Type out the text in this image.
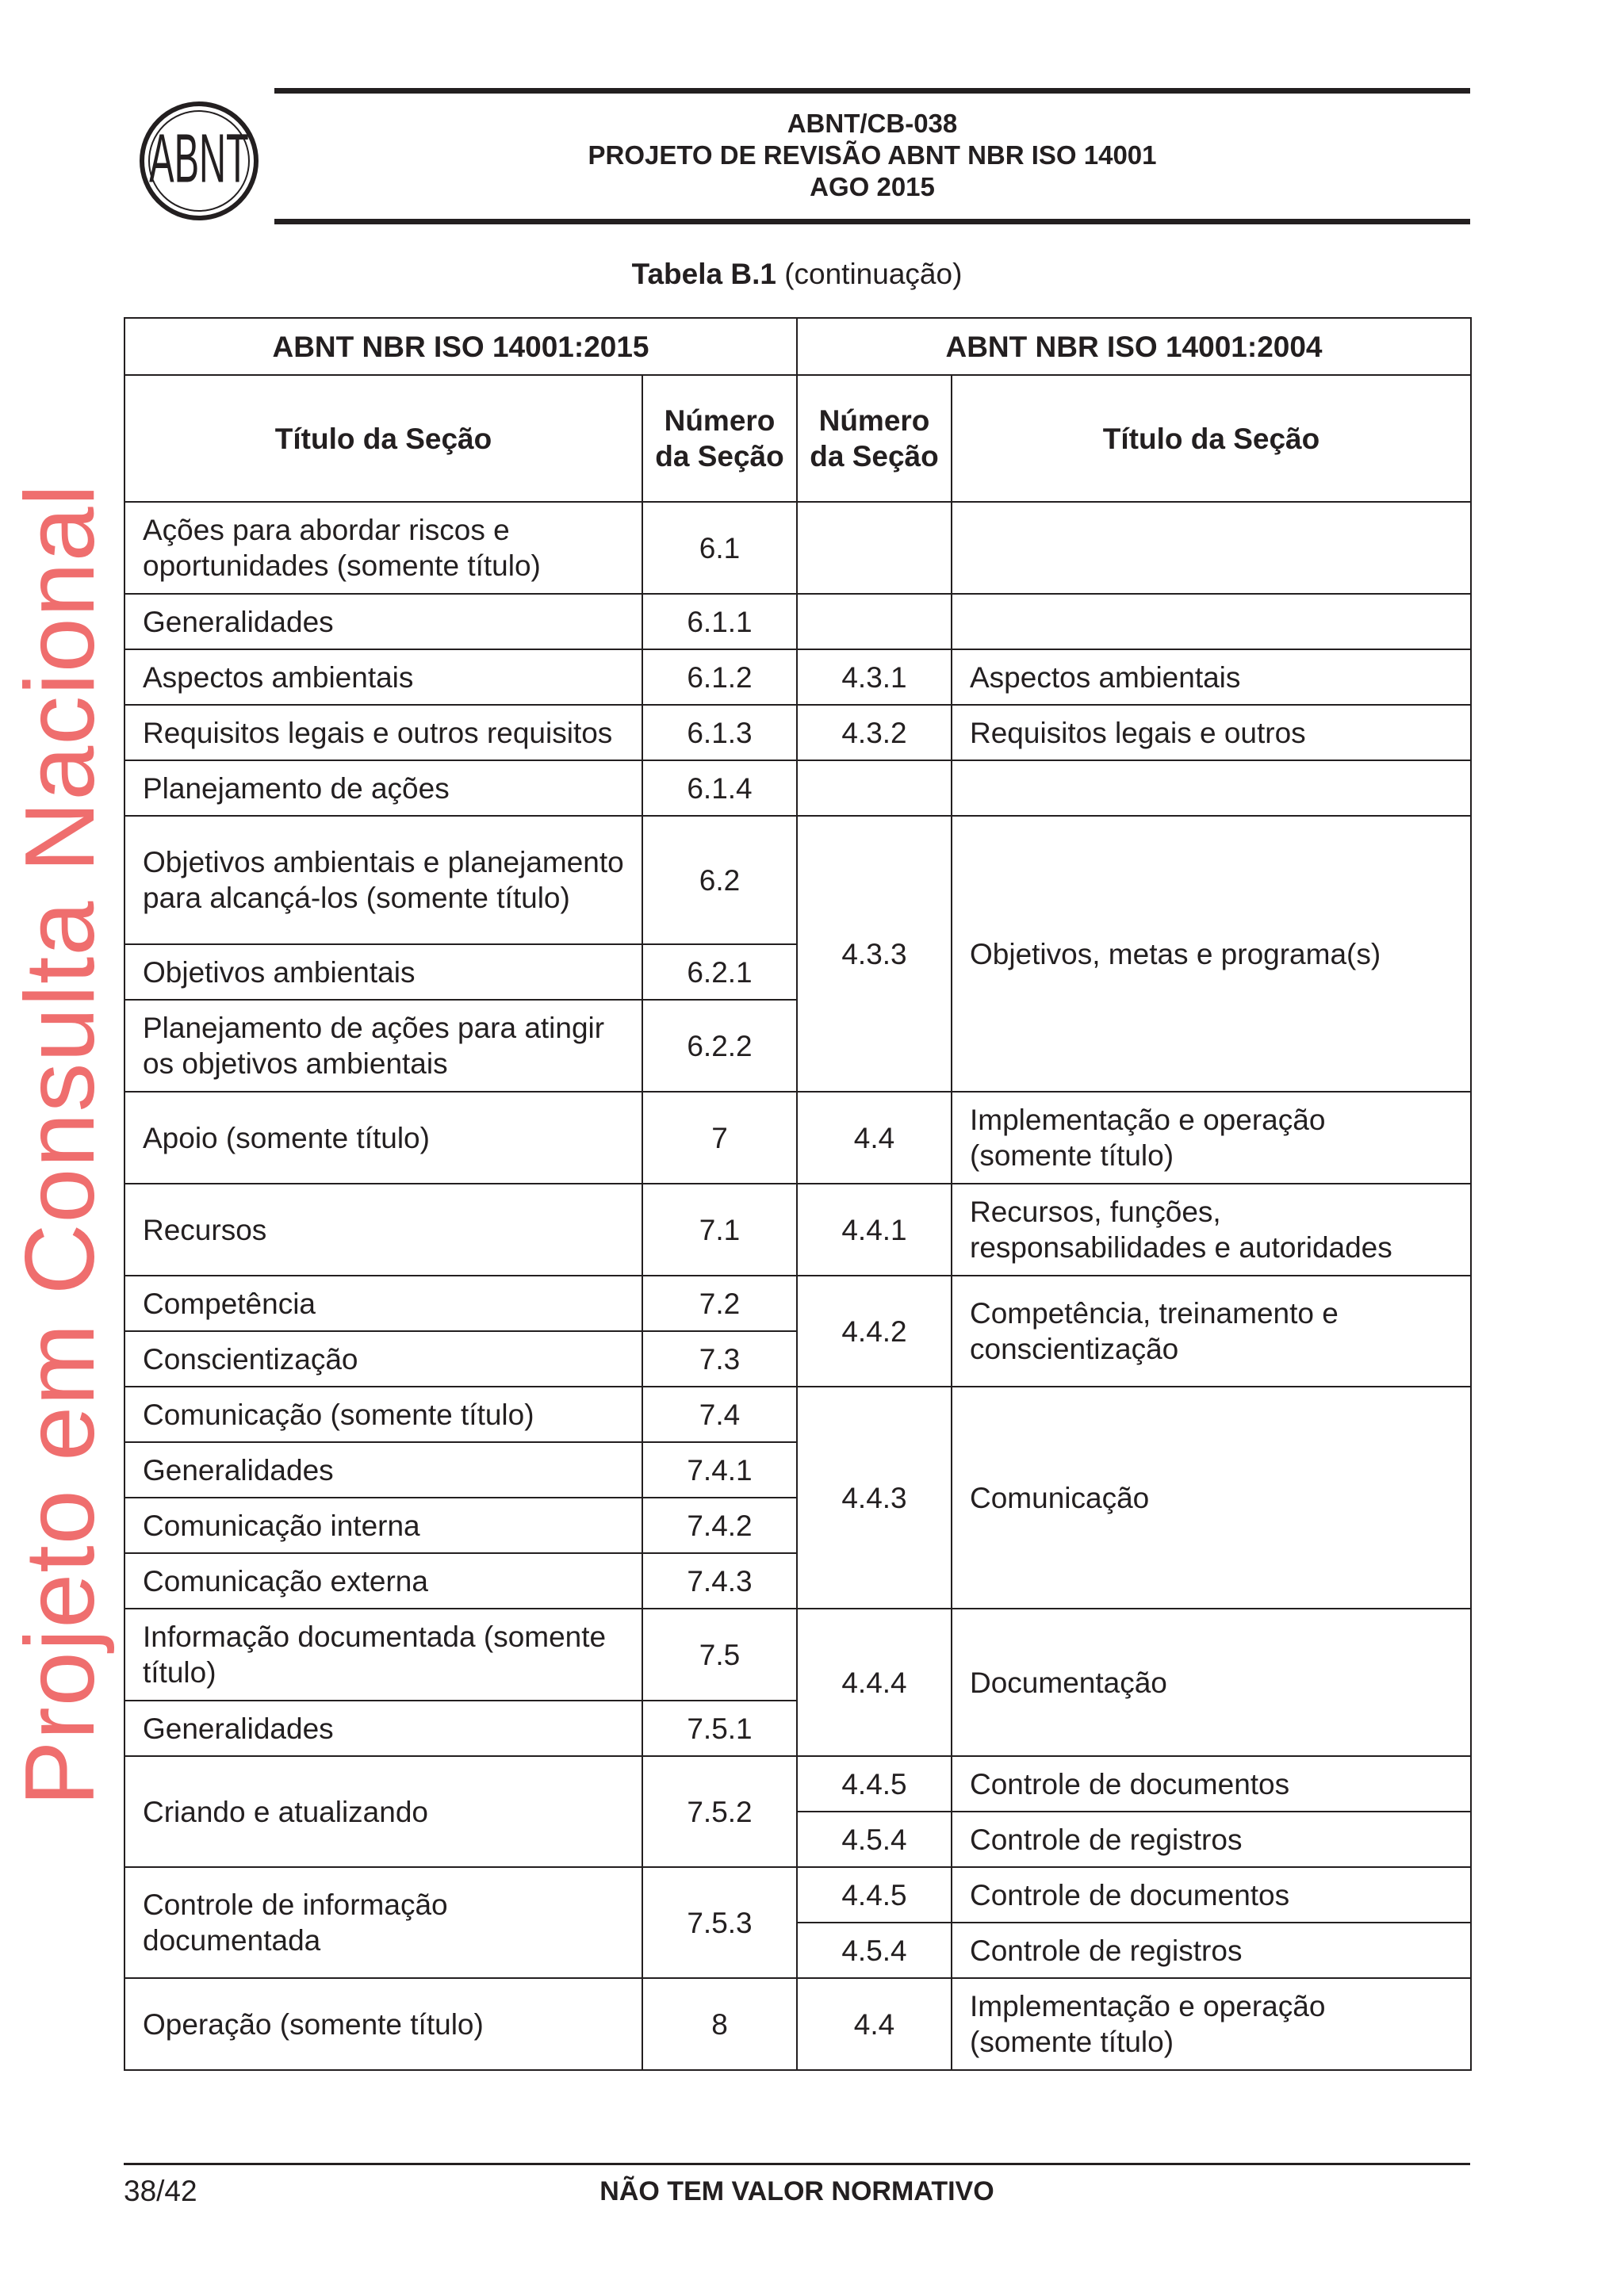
ABNT	ABNT/CB-038
PROJETO DE REVISÃO ABNT NBR ISO 14001
AGO 2015
Tabela B.1 (continuação)
Projeto em Consulta Nacional
ABNT NBR ISO 14001:2015		ABNT NBR ISO 14001:2004	
Título da Seção	Número da Seção	Número da Seção	Título da Seção
Ações para abordar riscos e oportunidades (somente título)	6.1		
Generalidades	6.1.1		
Aspectos ambientais	6.1.2	4.3.1	Aspectos ambientais
Requisitos legais e outros requisitos	6.1.3	4.3.2	Requisitos legais e outros
Planejamento de ações	6.1.4		
Objetivos ambientais e planejamento para alcançá-los (somente título)	6.2	4.3.3	Objetivos, metas e programa(s)
Objetivos ambientais	6.2.1		
Planejamento de ações para atingir os objetivos ambientais	6.2.2		
Apoio (somente título)	7	4.4	Implementação e operação (somente título)
Recursos	7.1	4.4.1	Recursos, funções, responsabilidades e autoridades
Competência	7.2	4.4.2	Competência, treinamento e conscientização
Conscientização	7.3		
Comunicação (somente título)	7.4	4.4.3	Comunicação
Generalidades	7.4.1		
Comunicação interna	7.4.2		
Comunicação externa	7.4.3		
Informação documentada (somente título)	7.5	4.4.4	Documentação
Generalidades	7.5.1		
Criando e atualizando	7.5.2	4.4.5	Controle de documentos
		4.5.4	Controle de registros
Controle de informação documentada	7.5.3	4.4.5	Controle de documentos
		4.5.4	Controle de registros
Operação (somente título)	8	4.4	Implementação e operação (somente título)
38/42	NÃO TEM VALOR NORMATIVO
